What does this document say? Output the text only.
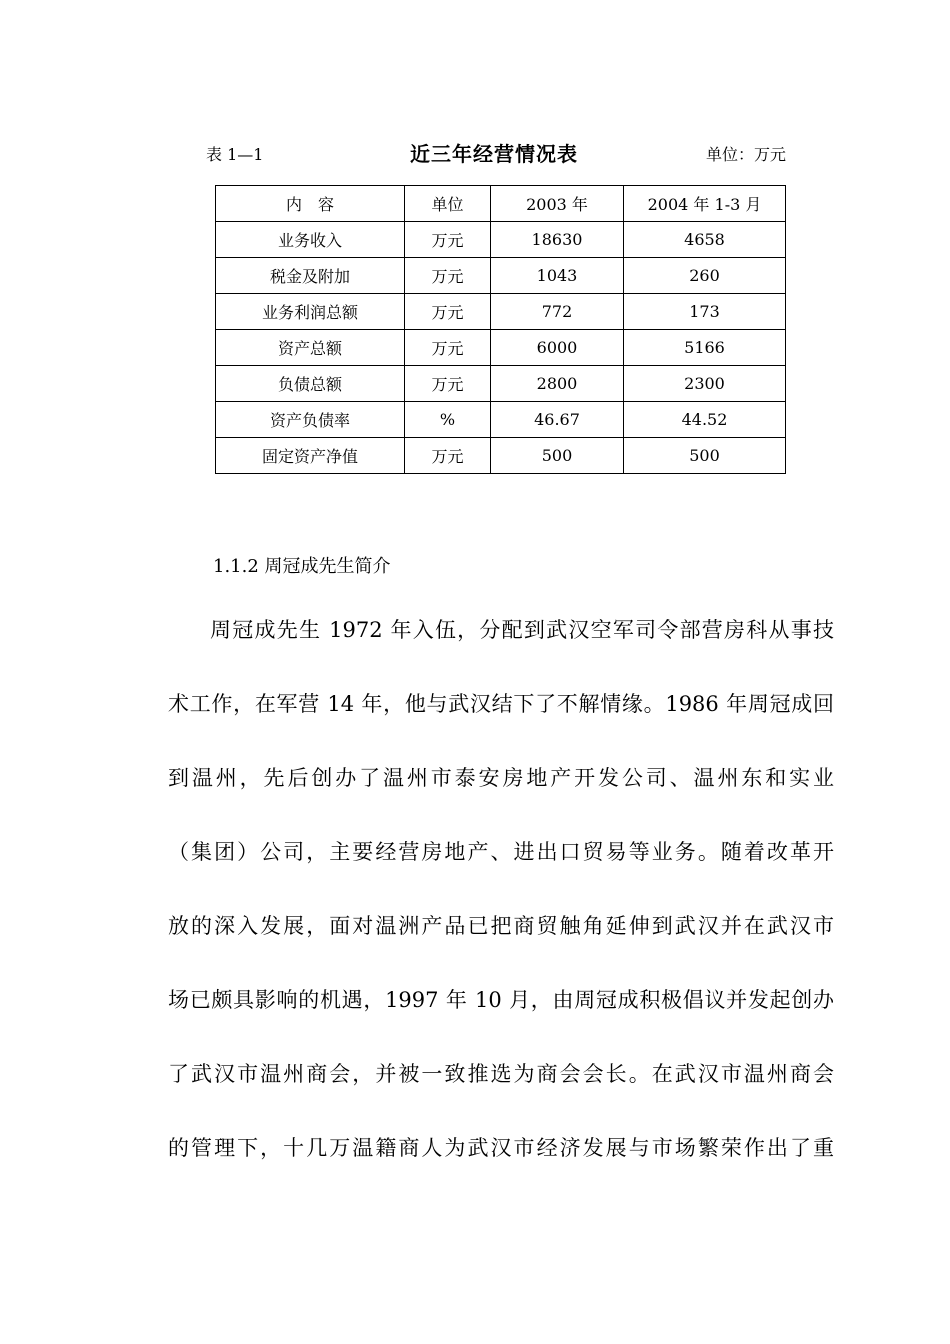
表 1—1	近三年经营情况表	单位：万元
内　容	单位	2003 年	2004 年 1-3 月
业务收入	万元	18630	4658
税金及附加	万元	1043	260
业务利润总额	万元	772	173
资产总额	万元	6000	5166
负债总额	万元	2800	2300
资产负债率	%	46.67	44.52
固定资产净值	万元	500	500
1.1.2 周冠成先生简介
周冠成先生 1972 年入伍，分配到武汉空军司令部营房科从事技
术工作，在军营 14 年，他与武汉结下了不解情缘。1986 年周冠成回
到温州，先后创办了温州市泰安房地产开发公司、温州东和实业
（集团）公司，主要经营房地产、进出口贸易等业务。随着改革开
放的深入发展，面对温洲产品已把商贸触角延伸到武汉并在武汉市
场已颇具影响的机遇，1997 年 10 月，由周冠成积极倡议并发起创办
了武汉市温州商会，并被一致推选为商会会长。在武汉市温州商会
的管理下，十几万温籍商人为武汉市经济发展与市场繁荣作出了重
